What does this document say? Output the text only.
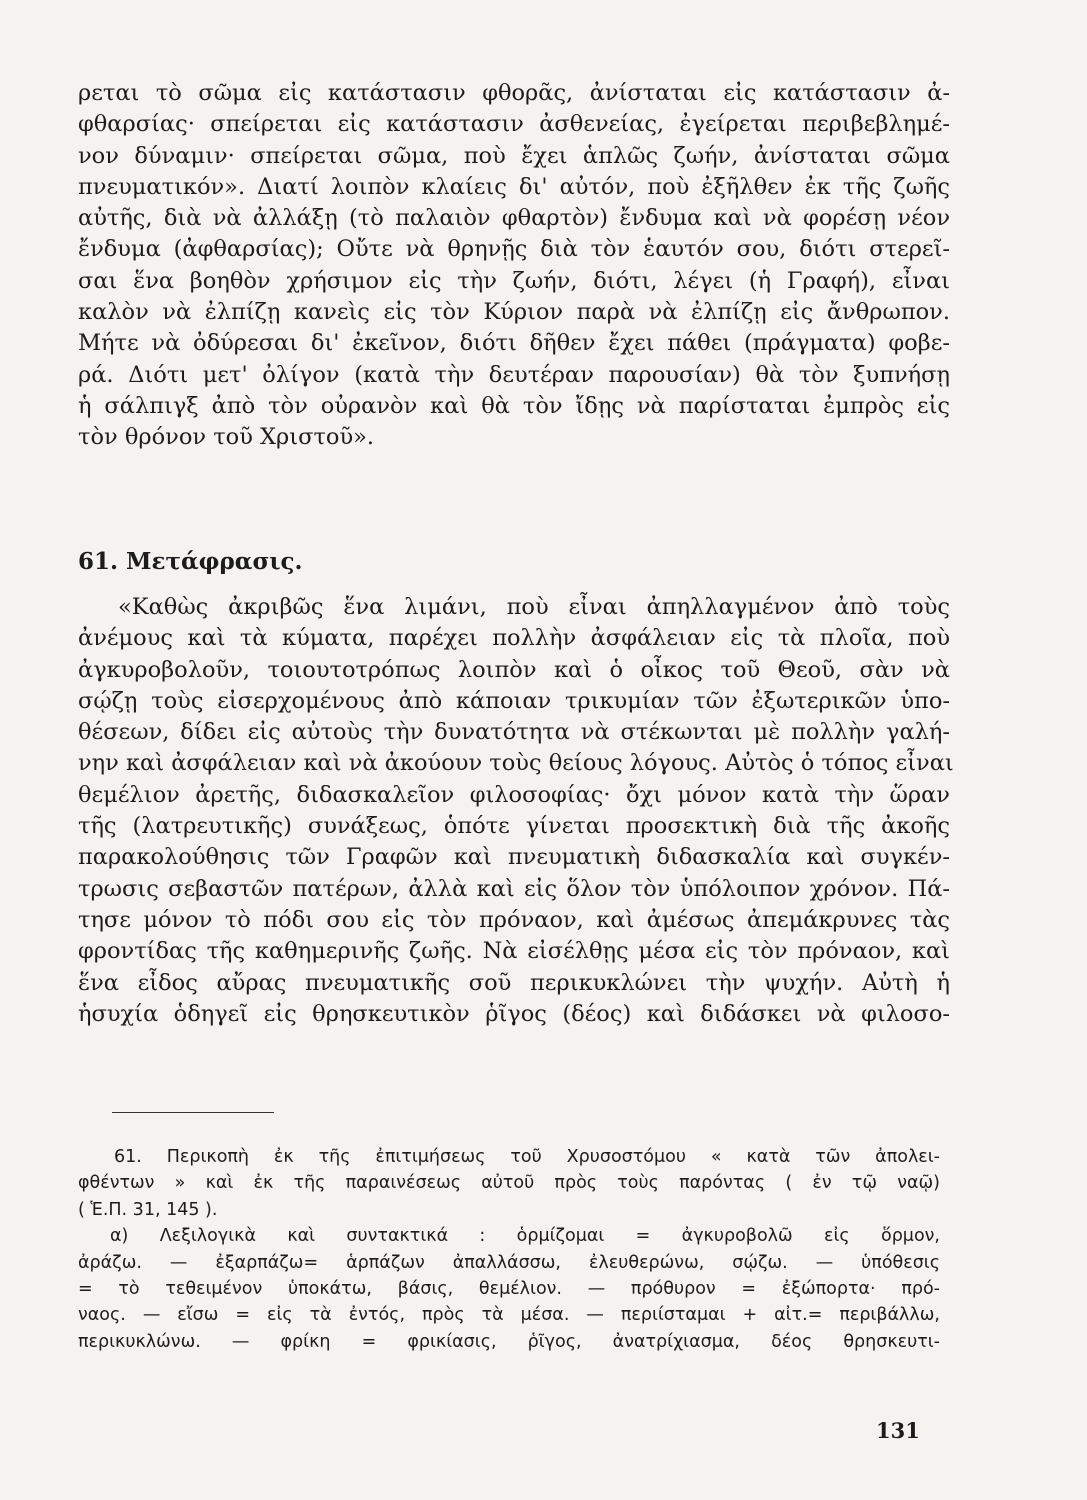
ρεται τὸ σῶμα εἰς κατάστασιν φθορᾶς, ἀνίσταται εἰς κατάστασιν ἀ-
φθαρσίας· σπείρεται εἰς κατάστασιν ἀσθενείας, ἐγείρεται περιβεβλημέ-
νον δύναμιν· σπείρεται σῶμα, ποὺ ἔχει ἁπλῶς ζωήν, ἀνίσταται σῶμα
πνευματικόν». Διατί λοιπὸν κλαίεις δι' αὐτόν, ποὺ ἐξῆλθεν ἐκ τῆς ζωῆς
αὐτῆς, διὰ νὰ ἀλλάξῃ (τὸ παλαιὸν φθαρτὸν) ἔνδυμα καὶ νὰ φορέσῃ νέον
ἔνδυμα (ἀφθαρσίας); Οὔτε νὰ θρηνῇς διὰ τὸν ἑαυτόν σου, διότι στερεῖ-
σαι ἕνα βοηθὸν χρήσιμον εἰς τὴν ζωήν, διότι, λέγει (ἡ Γραφή), εἶναι
καλὸν νὰ ἐλπίζῃ κανεὶς εἰς τὸν Κύριον παρὰ νὰ ἐλπίζῃ εἰς ἄνθρωπον.
Μήτε νὰ ὀδύρεσαι δι' ἐκεῖνον, διότι δῆθεν ἔχει πάθει (πράγματα) φοβε-
ρά. Διότι μετ' ὀλίγον (κατὰ τὴν δευτέραν παρουσίαν) θὰ τὸν ξυπνήσῃ
ἡ σάλπιγξ ἀπὸ τὸν οὐρανὸν καὶ θὰ τὸν ἴδῃς νὰ παρίσταται ἐμπρὸς εἰς
τὸν θρόνον τοῦ Χριστοῦ».
61. Μετάφρασις.
«Καθὼς ἀκριβῶς ἕνα λιμάνι, ποὺ εἶναι ἀπηλλαγμένον ἀπὸ τοὺς
ἀνέμους καὶ τὰ κύματα, παρέχει πολλὴν ἀσφάλειαν εἰς τὰ πλοῖα, ποὺ
ἀγκυροβολοῦν, τοιουτοτρόπως λοιπὸν καὶ ὁ οἶκος τοῦ Θεοῦ, σὰν νὰ
σῴζῃ τοὺς εἰσερχομένους ἀπὸ κάποιαν τρικυμίαν τῶν ἐξωτερικῶν ὑπο-
θέσεων, δίδει εἰς αὐτοὺς τὴν δυνατότητα νὰ στέκωνται μὲ πολλὴν γαλή-
νην καὶ ἀσφάλειαν καὶ νὰ ἀκούουν τοὺς θείους λόγους. Αὐτὸς ὁ τόπος εἶναι
θεμέλιον ἀρετῆς, διδασκαλεῖον φιλοσοφίας· ὄχι μόνον κατὰ τὴν ὥραν
τῆς (λατρευτικῆς) συνάξεως, ὁπότε γίνεται προσεκτικὴ διὰ τῆς ἀκοῆς
παρακολούθησις τῶν Γραφῶν καὶ πνευματικὴ διδασκαλία καὶ συγκέν-
τρωσις σεβαστῶν πατέρων, ἀλλὰ καὶ εἰς ὅλον τὸν ὑπόλοιπον χρόνον. Πά-
τησε μόνον τὸ πόδι σου εἰς τὸν πρόναον, καὶ ἀμέσως ἀπεμάκρυνες τὰς
φροντίδας τῆς καθημερινῆς ζωῆς. Νὰ εἰσέλθῃς μέσα εἰς τὸν πρόναον, καὶ
ἕνα εἶδος αὔρας πνευματικῆς σοῦ περικυκλώνει τὴν ψυχήν. Αὐτὴ ἡ
ἡσυχία ὁδηγεῖ εἰς θρησκευτικὸν ῥῖγος (δέος) καὶ διδάσκει νὰ φιλοσο-
61. Περικοπὴ ἐκ τῆς ἐπιτιμήσεως τοῦ Χρυσοστόμου « κατὰ τῶν ἀπολει-
φθέντων » καὶ ἐκ τῆς παραινέσεως αὐτοῦ πρὸς τοὺς παρόντας ( ἐν τῷ ναῷ)
( Ἑ.Π. 31, 145 ).
α) Λεξιλογικὰ καὶ συντακτικά : ὁρμίζομαι = ἀγκυροβολῶ εἰς ὅρμον,
ἀράζω. — ἐξαρπάζω= ἁρπάζων ἀπαλλάσσω, ἐλευθερώνω, σῴζω. — ὑπόθεσις
= τὸ τεθειμένον ὑποκάτω, βάσις, θεμέλιον. — πρόθυρον = ἐξώπορτα· πρό-
ναος. — εἴσω = εἰς τὰ ἐντός, πρὸς τὰ μέσα. — περιίσταμαι + αἰτ.= περιβάλλω,
περικυκλώνω. — φρίκη = φρικίασις, ῥῖγος, ἀνατρίχιασμα, δέος θρησκευτι-
131
